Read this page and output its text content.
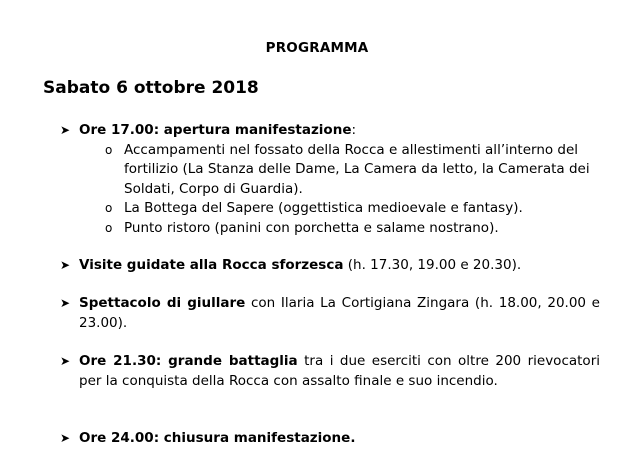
PROGRAMMA
Sabato 6 ottobre 2018
➤ Ore 17.00: apertura manifestazione:
o Accampamenti nel fossato della Rocca e allestimenti all’interno del fortilizio (La Stanza delle Dame, La Camera da letto, la Camerata dei Soldati, Corpo di Guardia).

o La Bottega del Sapere (oggettistica medioevale e fantasy).

o Punto ristoro (panini con porchetta e salame nostrano).

➤ Visite guidate alla Rocca sforzesca (h. 17.30, 19.00 e 20.30).
➤ Spettacolo di giullare con Ilaria La Cortigiana Zingara (h. 18.00, 20.00 e 23.00).
➤ Ore 21.30: grande battaglia tra i due eserciti con oltre 200 rievocatori per la conquista della Rocca con assalto finale e suo incendio.
➤ Ore 24.00: chiusura manifestazione.
